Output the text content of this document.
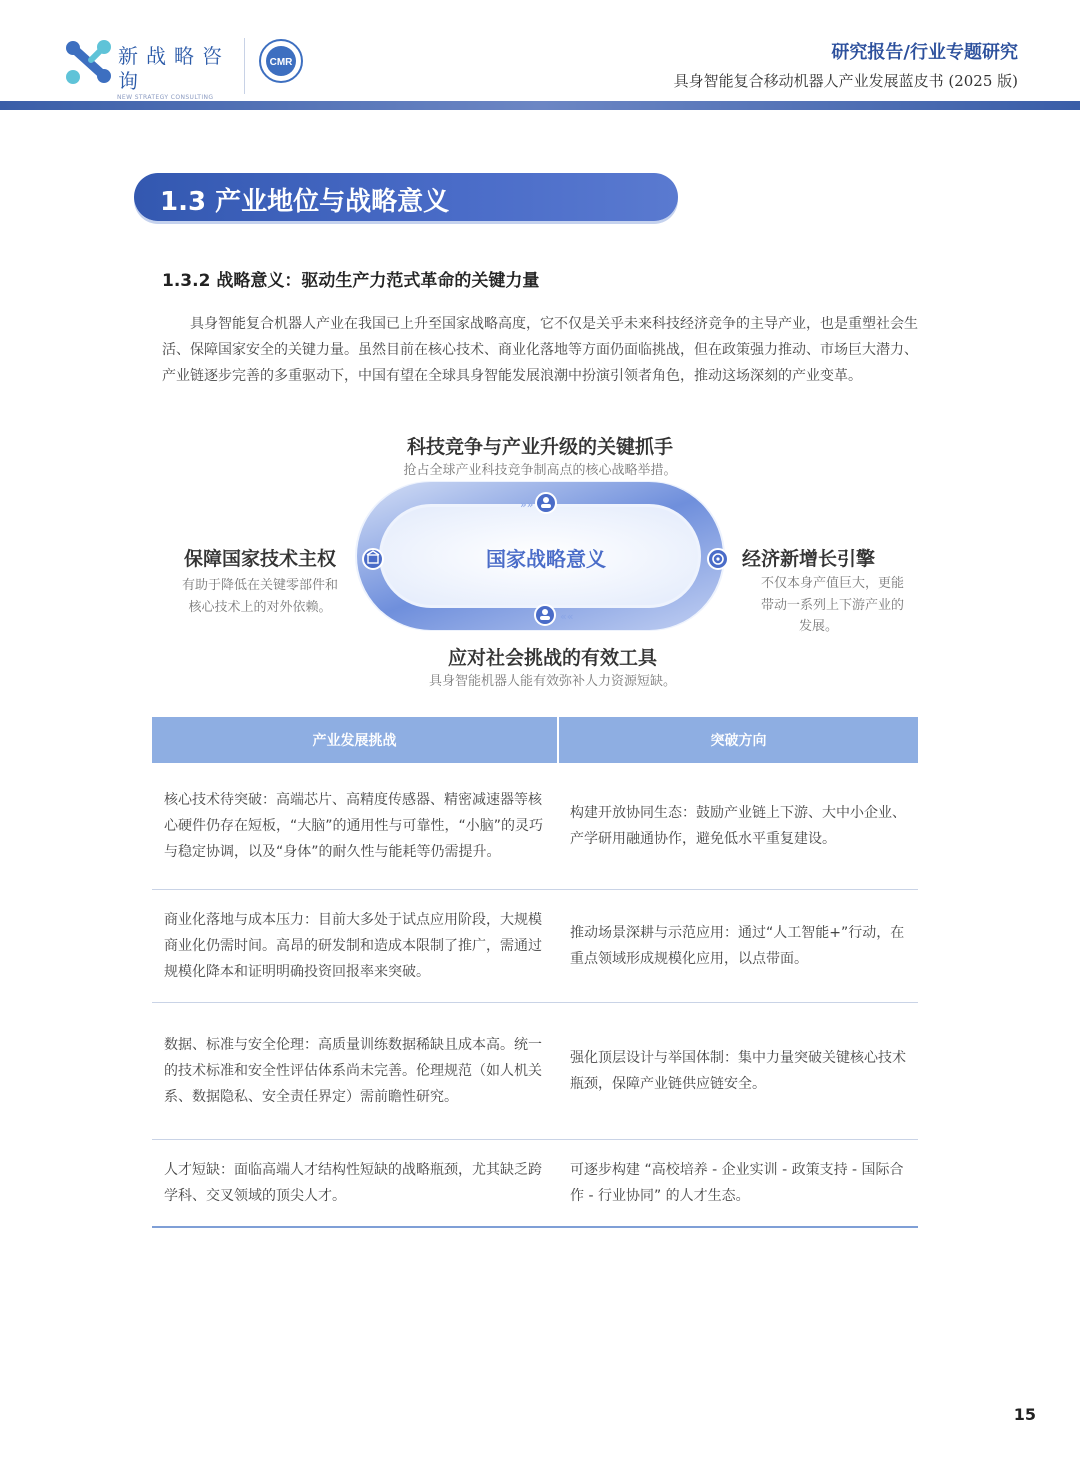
新战略咨询
NEW STRATEGY CONSULTING
CMR	研究报告/行业专题研究
具身智能复合移动机器人产业发展蓝皮书 (2025 版)
1.3 产业地位与战略意义
1.3.2 战略意义：驱动生产力范式革命的关键力量
具身智能复合机器人产业在我国已上升至国家战略高度，它不仅是关乎未来科技经济竞争的主导产业，也是重塑社会生活、保障国家安全的关键力量。虽然目前在核心技术、商业化落地等方面仍面临挑战，但在政策强力推动、市场巨大潜力、产业链逐步完善的多重驱动下，中国有望在全球具身智能发展浪潮中扮演引领者角色，推动这场深刻的产业变革。
»»
««
国家战略意义
科技竞争与产业升级的关键抓手
抢占全球产业科技竞争制高点的核心战略举措。
保障国家技术主权
有助于降低在关键零部件和
核心技术上的对外依赖。
经济新增长引擎
不仅本身产值巨大，更能
带动一系列上下游产业的
发展。
应对社会挑战的有效工具
具身智能机器人能有效弥补人力资源短缺。
产业发展挑战	突破方向
核心技术待突破：高端芯片、高精度传感器、精密减速器等核心硬件仍存在短板，“大脑”的通用性与可靠性，“小脑”的灵巧与稳定协调，以及“身体”的耐久性与能耗等仍需提升。	构建开放协同生态：鼓励产业链上下游、大中小企业、产学研用融通协作，避免低水平重复建设。
商业化落地与成本压力：目前大多处于试点应用阶段，大规模商业化仍需时间。高昂的研发制和造成本限制了推广，需通过规模化降本和证明明确投资回报率来突破。	推动场景深耕与示范应用：通过“人工智能+”行动，在重点领域形成规模化应用，以点带面。
数据、标准与安全伦理：高质量训练数据稀缺且成本高。统一的技术标准和安全性评估体系尚未完善。伦理规范（如人机关系、数据隐私、安全责任界定）需前瞻性研究。	强化顶层设计与举国体制：集中力量突破关键核心技术瓶颈，保障产业链供应链安全。
人才短缺：面临高端人才结构性短缺的战略瓶颈，尤其缺乏跨学科、交叉领域的顶尖人才。	可逐步构建 “高校培养 - 企业实训 - 政策支持 - 国际合作 - 行业协同” 的人才生态。
15
